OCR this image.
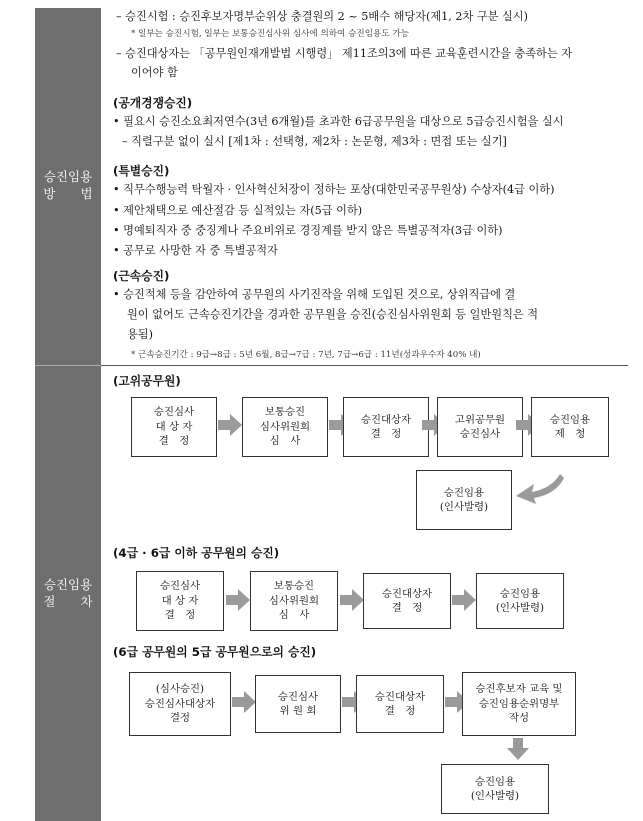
승진임용
방　　법
승진임용
절　　차
– 승진시험 : 승진후보자명부순위상 충결원의 2 ~ 5배수 해당자(제1, 2차 구분 실시)
* 일부는 승진시험, 일부는 보통승진심사위 심사에 의하여 승진임용도 가능
– 승진대상자는 「공무원인재개발법 시행령」 제11조의3에 따른 교육훈련시간을 충족하는 자
이어야 함
(공개경쟁승진)
• 필요시 승진소요최저연수(3년 6개월)를 초과한 6급공무원을 대상으로 5급승진시험을 실시
– 직렬구분 없이 실시 [제1차 : 선택형, 제2차 : 논문형, 제3차 : 면접 또는 실기]
(특별승진)
• 직무수행능력 탁월자 · 인사혁신처장이 정하는 포상(대한민국공무원상) 수상자(4급 이하)
• 제안채택으로 예산절감 등 실적있는 자(5급 이하)
• 명예퇴직자 중 중징계나 주요비위로 경징계를 받지 않은 특별공적자(3급 이하)
• 공무로 사망한 자 중 특별공적자
(근속승진)
• 승진적체 등을 감안하여 공무원의 사기진작을 위해 도입된 것으로, 상위직급에 결
원이 없어도 근속승진기간을 경과한 공무원을 승진(승진심사위원회 등 일반원칙은 적
용됨)
* 근속승진기간 : 9급→8급 : 5년 6월, 8급→7급 : 7년, 7급→6급 : 11년(성과우수자 40% 내)
(고위공무원)
승진심사
대 상 자
결　정
보통승진
심사위원회
심　사
승진대상자
결　정
고위공무원
승진심사
승진임용
제　청
승진임용
(인사발령)
(4급 · 6급 이하 공무원의 승진)
승진심사
대 상 자
결　정
보통승진
심사위원회
심　사
승진대상자
결　정
승진임용
(인사발령)
(6급 공무원의 5급 공무원으로의 승진)
(심사승진)
승진심사대상자
결정
승진심사
위 원 회
승진대상자
결　정
승진후보자 교육 및
승진임용순위명부
작성
승진임용
(인사발령)
